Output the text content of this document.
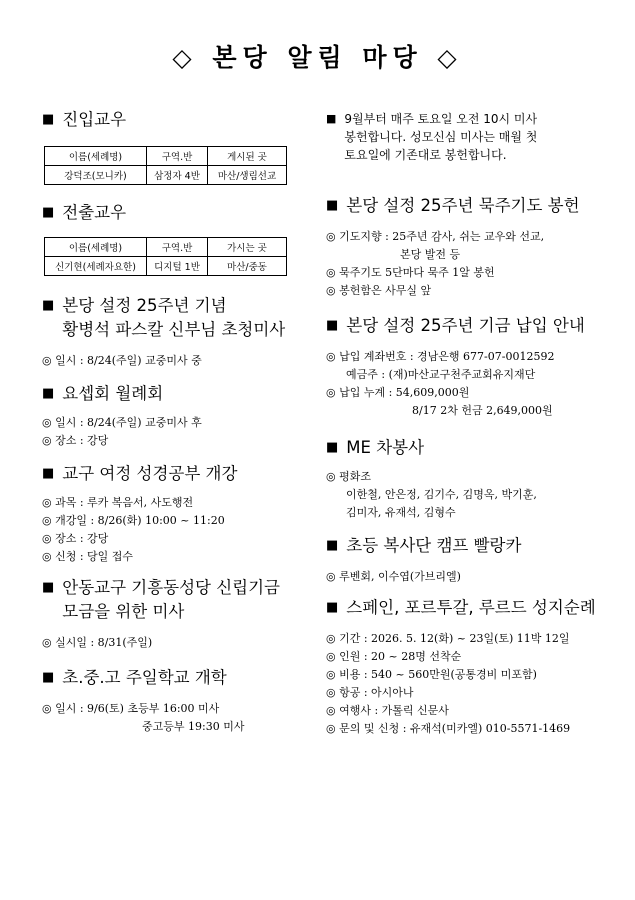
◇ 본당 알림 마당 ◇
■ 진입교우
이름(세례명)	구역.반	게시된 곳
강덕조(모니카)	삼정자 4반	마산/생림선교
■ 전출교우
이름(세례명)	구역.반	가시는 곳
신기현(세례자요한)	디지털 1반	마산/중동
■ 본당 설정 25주년 기념
황병석 파스칼 신부님 초청미사
◎ 일시 : 8/24(주일) 교중미사 중
■ 요셉회 월례회
◎ 일시 : 8/24(주일) 교중미사 후
◎ 장소 : 강당
■ 교구 여정 성경공부 개강
◎ 과목 : 루카 복음서, 사도행전
◎ 개강일 : 8/26(화) 10:00 ~ 11:20
◎ 장소 : 강당
◎ 신청 : 당일 접수
■ 안동교구 기흥동성당 신립기금
모금을 위한 미사
◎ 실시일 : 8/31(주일)
■ 초.중.고 주일학교 개학
◎ 일시 : 9/6(토) 초등부 16:00 미사
중고등부 19:30 미사
■ 9월부터 매주 토요일 오전 10시 미사
봉헌합니다. 성모신심 미사는 매월 첫
토요일에 기존대로 봉헌합니다.
■ 본당 설정 25주년 묵주기도 봉헌
◎ 기도지향 : 25주년 감사, 쉬는 교우와 선교,
본당 발전 등
◎ 묵주기도 5단마다 묵주 1알 봉헌
◎ 봉헌함은 사무실 앞
■ 본당 설정 25주년 기금 납입 안내
◎ 납입 계좌번호 : 경남은행 677-07-0012592
예금주 : (재)마산교구천주교회유지재단
◎ 납입 누계 : 54,609,000원
8/17 2차 헌금 2,649,000원
■ ME 차봉사
◎ 평화조
이한철, 안은정, 김기수, 김명옥, 박기훈,
김미자, 유재석, 김형수
■ 초등 복사단 캠프 빨랑카
◎ 루벤회, 이수엽(가브리엘)
■ 스페인, 포르투갈, 루르드 성지순례
◎ 기간 : 2026. 5. 12(화) ~ 23일(토) 11박 12일
◎ 인원 : 20 ~ 28명 선착순
◎ 비용 : 540 ~ 560만원(공통경비 미포함)
◎ 항공 : 아시아나
◎ 여행사 : 가톨릭 신문사
◎ 문의 및 신청 : 유재석(미카엘) 010-5571-1469
